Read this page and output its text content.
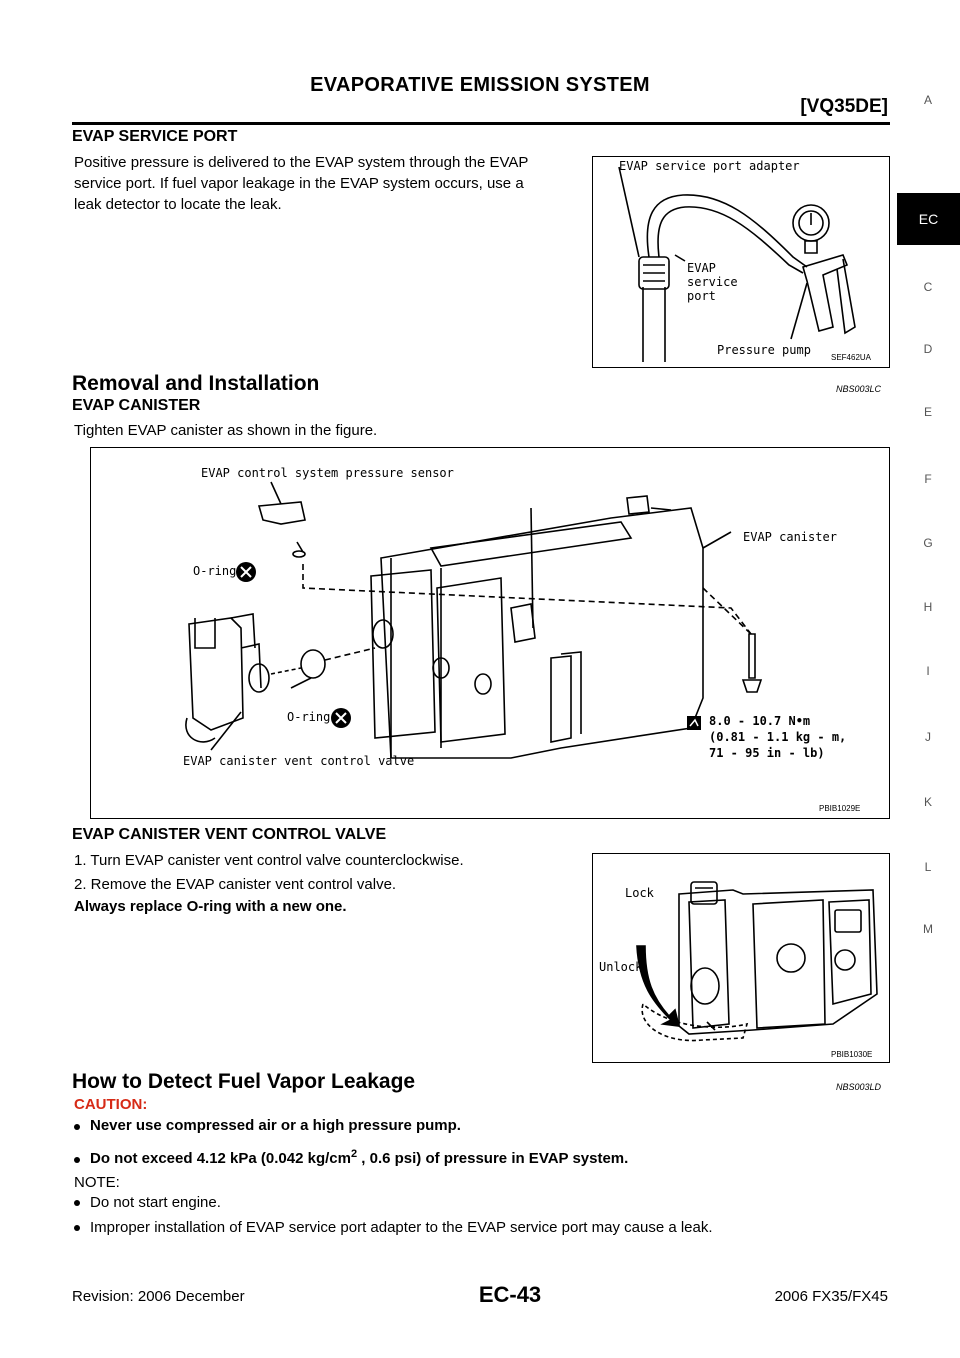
EVAPORATIVE EMISSION SYSTEM
[VQ35DE]	A
EC
C
D
E
F
G
H
I
J
K
L
M
EVAP SERVICE PORT
Positive pressure is delivered to the EVAP system through the EVAP
service port. If fuel vapor leakage in the EVAP system occurs, use a
leak detector to locate the leak.
EVAP service port adapter
EVAP
service
port
Pressure pump
SEF462UA
Removal and Installation	NBS003LC
EVAP CANISTER
Tighten EVAP canister as shown in the figure.
EVAP control system pressure sensor
O-ring
EVAP canister
O-ring
EVAP canister vent control valve
8.0 - 10.7 N•m
(0.81 - 1.1 kg - m,
71 - 95 in - lb)
PBIB1029E
EVAP CANISTER VENT CONTROL VALVE
1. Turn EVAP canister vent control valve counterclockwise.
2. Remove the EVAP canister vent control valve.
Always replace O-ring with a new one.
Lock
Unlock
PBIB1030E
How to Detect Fuel Vapor Leakage	NBS003LD
CAUTION:
Never use compressed air or a high pressure pump.
Do not exceed 4.12 kPa (0.042 $kg/cm^2$ , 0.6 psi) of pressure in EVAP system.
NOTE:
Do not start engine.
Improper installation of EVAP service port adapter to the EVAP service port may cause a leak.
Revision: 2006 December	EC-43	2006 FX35/FX45
